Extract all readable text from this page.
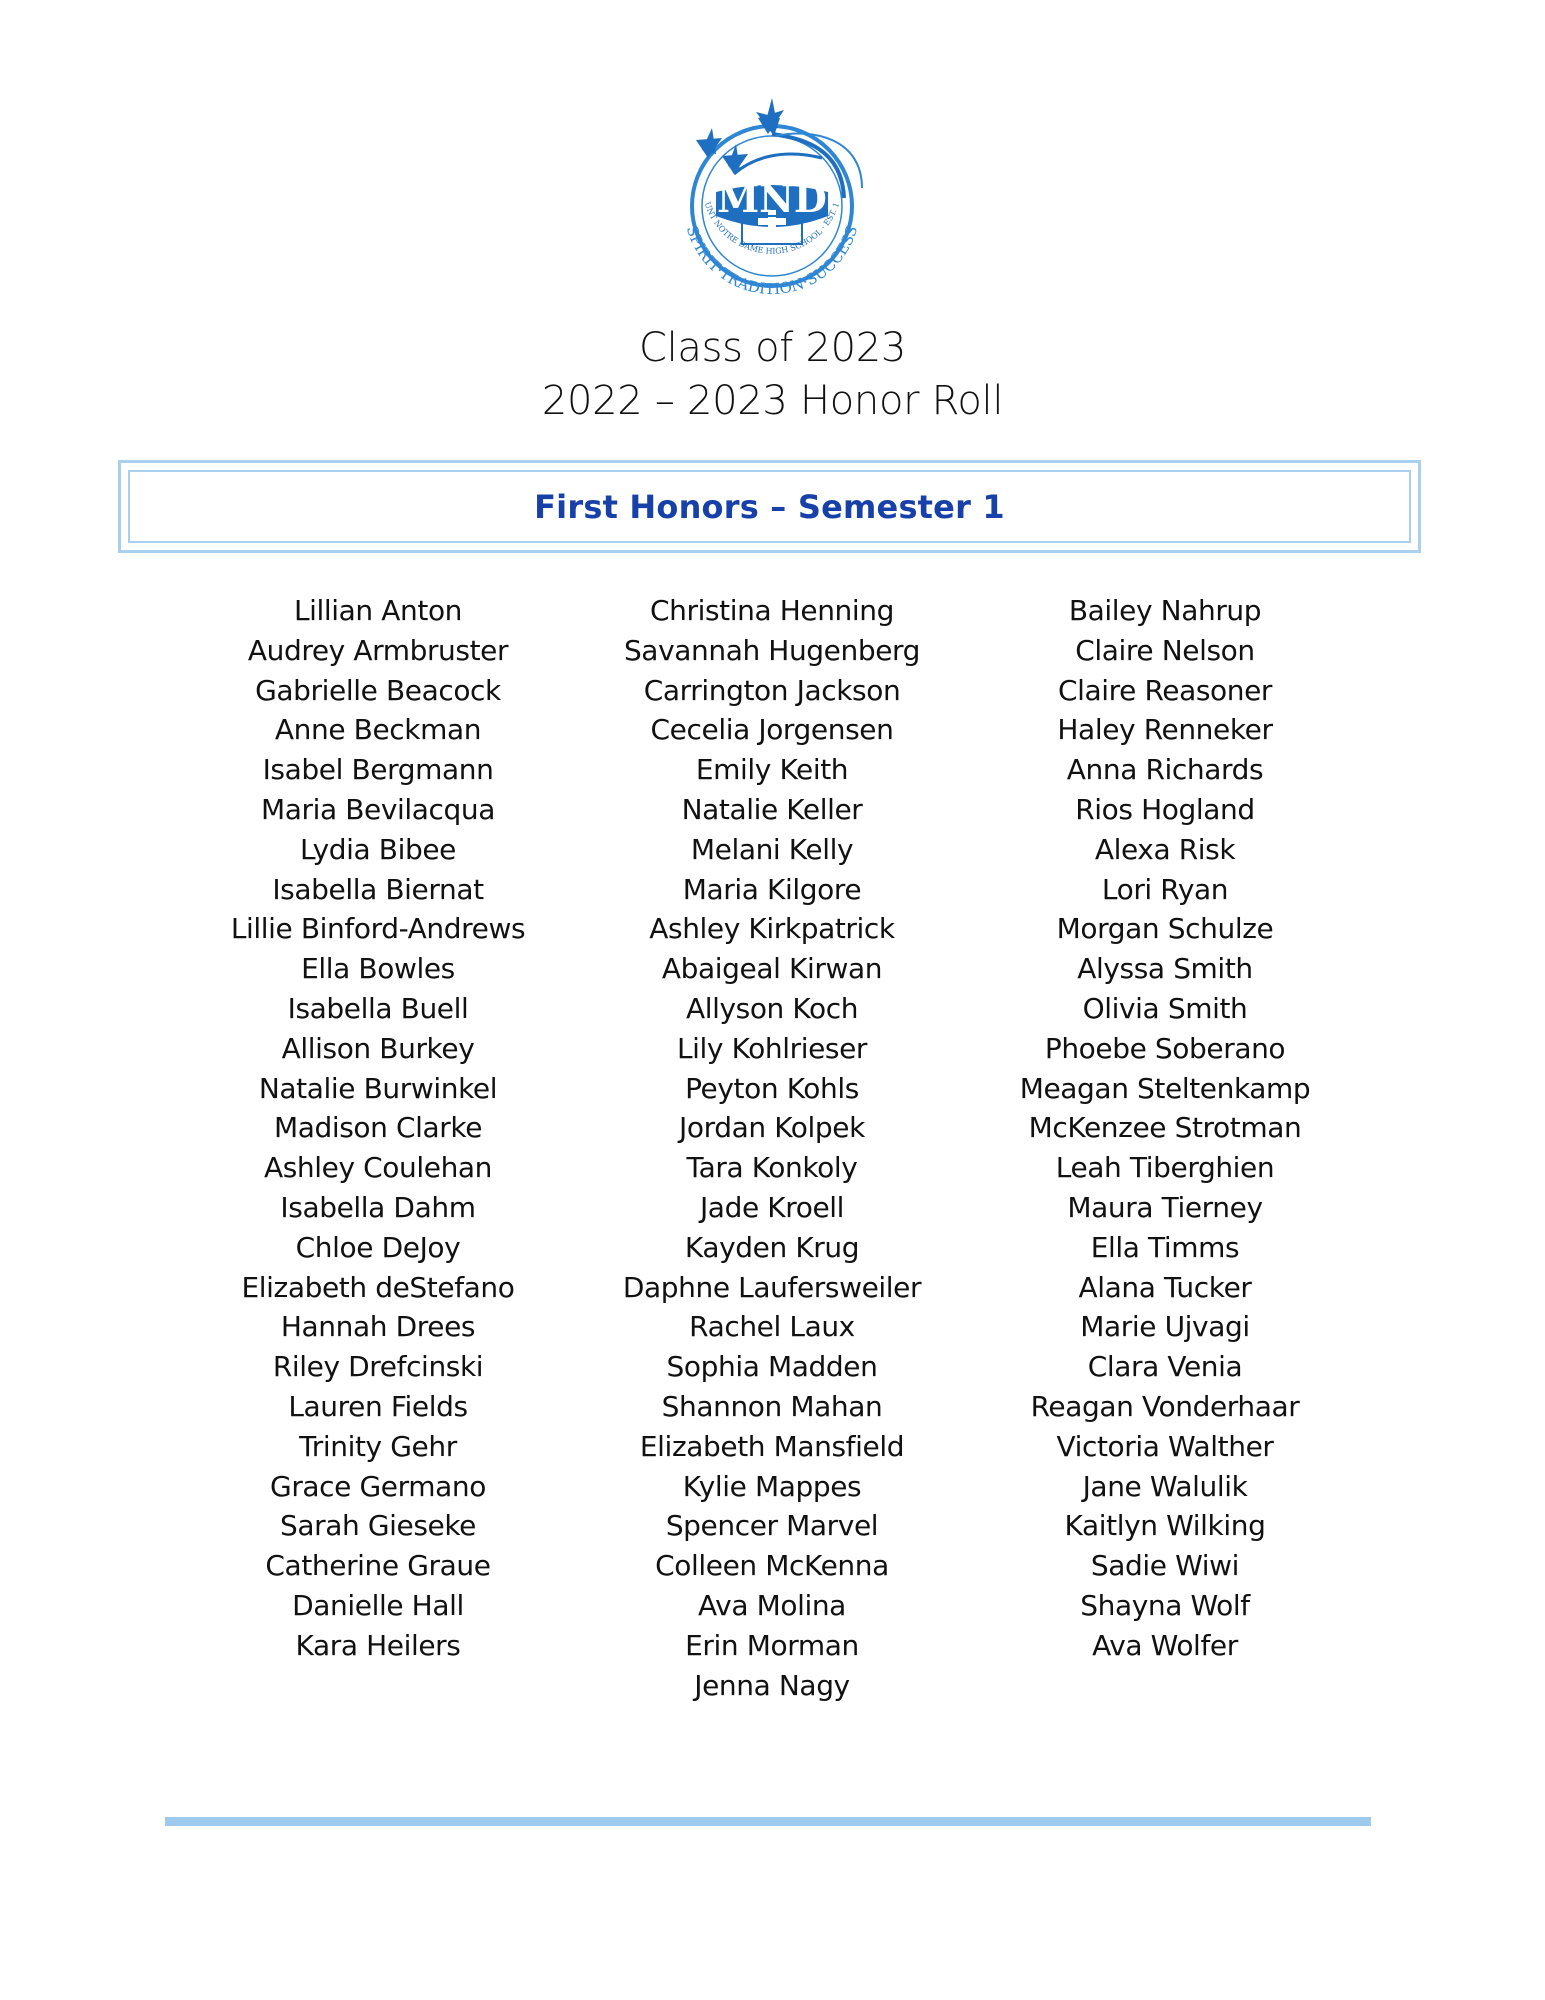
MND
UNT NOTRE DAME HIGH SCHOOL · EST. 1
SPIRIT·TRADITION·SUCCESS
Class of 2023
2022 – 2023 Honor Roll
First Honors – Semester 1
Lillian Anton
Audrey Armbruster
Gabrielle Beacock
Anne Beckman
Isabel Bergmann
Maria Bevilacqua
Lydia Bibee
Isabella Biernat
Lillie Binford-Andrews
Ella Bowles
Isabella Buell
Allison Burkey
Natalie Burwinkel
Madison Clarke
Ashley Coulehan
Isabella Dahm
Chloe DeJoy
Elizabeth deStefano
Hannah Drees
Riley Drefcinski
Lauren Fields
Trinity Gehr
Grace Germano
Sarah Gieseke
Catherine Graue
Danielle Hall
Kara Heilers
Christina Henning
Savannah Hugenberg
Carrington Jackson
Cecelia Jorgensen
Emily Keith
Natalie Keller
Melani Kelly
Maria Kilgore
Ashley Kirkpatrick
Abaigeal Kirwan
Allyson Koch
Lily Kohlrieser
Peyton Kohls
Jordan Kolpek
Tara Konkoly
Jade Kroell
Kayden Krug
Daphne Laufersweiler
Rachel Laux
Sophia Madden
Shannon Mahan
Elizabeth Mansfield
Kylie Mappes
Spencer Marvel
Colleen McKenna
Ava Molina
Erin Morman
Jenna Nagy
Bailey Nahrup
Claire Nelson
Claire Reasoner
Haley Renneker
Anna Richards
Rios Hogland
Alexa Risk
Lori Ryan
Morgan Schulze
Alyssa Smith
Olivia Smith
Phoebe Soberano
Meagan Steltenkamp
McKenzee Strotman
Leah Tiberghien
Maura Tierney
Ella Timms
Alana Tucker
Marie Ujvagi
Clara Venia
Reagan Vonderhaar
Victoria Walther
Jane Walulik
Kaitlyn Wilking
Sadie Wiwi
Shayna Wolf
Ava Wolfer
